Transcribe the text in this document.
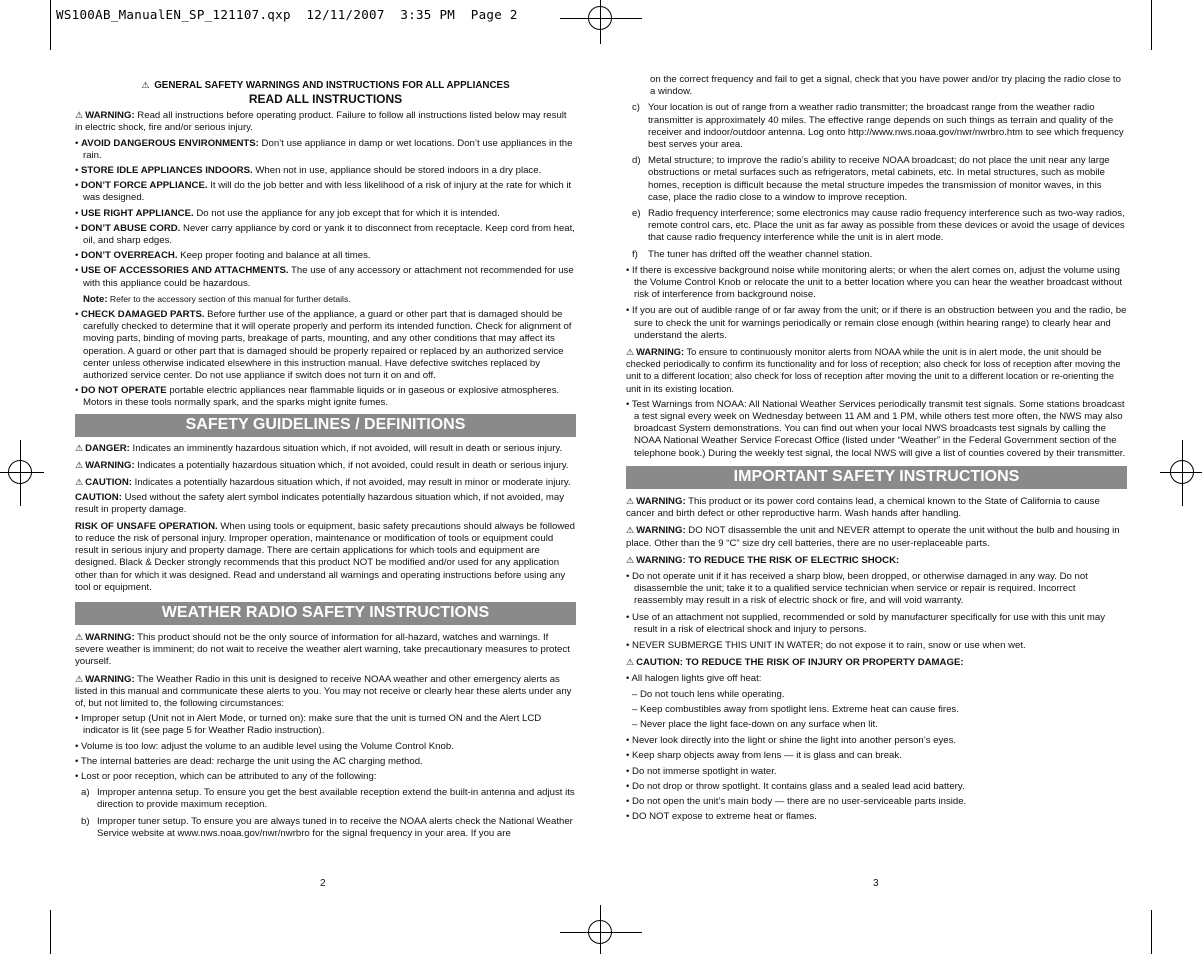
WS100AB_ManualEN_SP_121107.qxp  12/11/2007  3:35 PM  Page 2

⚠ GENERAL SAFETY WARNINGS AND INSTRUCTIONS FOR ALL APPLIANCES

READ ALL INSTRUCTIONS

⚠ WARNING: Read all instructions before operating product. Failure to follow all instructions listed below may result in electric shock, fire and/or serious injury.

• AVOID DANGEROUS ENVIRONMENTS: Don’t use appliance in damp or wet locations. Don’t use appliances in the rain.

• STORE IDLE APPLIANCES INDOORS. When not in use, appliance should be stored indoors in a dry place.

• DON’T FORCE APPLIANCE. It will do the job better and with less likelihood of a risk of injury at the rate for which it was designed.

• USE RIGHT APPLIANCE. Do not use the appliance for any job except that for which it is intended.

• DON’T ABUSE CORD. Never carry appliance by cord or yank it to disconnect from receptacle. Keep cord from heat, oil, and sharp edges.

• DON’T OVERREACH. Keep proper footing and balance at all times.

• USE OF ACCESSORIES AND ATTACHMENTS. The use of any accessory or attachment not recommended for use with this appliance could be hazardous.

Note: Refer to the accessory section of this manual for further details.

• CHECK DAMAGED PARTS. Before further use of the appliance, a guard or other part that is damaged should be carefully checked to determine that it will operate properly and perform its intended function. Check for alignment of moving parts, binding of moving parts, breakage of parts, mounting, and any other conditions that may affect its operation. A guard or other part that is damaged should be properly repaired or replaced by an authorized service center unless otherwise indicated elsewhere in this instruction manual. Have defective switches replaced by authorized service center. Do not use appliance if switch does not turn it on and off.

• DO NOT OPERATE portable electric appliances near flammable liquids or in gaseous or explosive atmospheres. Motors in these tools normally spark, and the sparks might ignite fumes.

SAFETY GUIDELINES / DEFINITIONS

⚠ DANGER: Indicates an imminently hazardous situation which, if not avoided, will result in death or serious injury.

⚠ WARNING: Indicates a potentially hazardous situation which, if not avoided, could result in death or serious injury.

⚠ CAUTION: Indicates a potentially hazardous situation which, if not avoided, may result in minor or moderate injury.

CAUTION: Used without the safety alert symbol indicates potentially hazardous situation which, if not avoided, may result in property damage.

RISK OF UNSAFE OPERATION. When using tools or equipment, basic safety precautions should always be followed to reduce the risk of personal injury. Improper operation, maintenance or modification of tools or equipment could result in serious injury and property damage. There are certain applications for which tools and equipment are designed. Black & Decker strongly recommends that this product NOT be modified and/or used for any application other than for which it was designed. Read and understand all warnings and operating instructions before using any tool or equipment.

WEATHER RADIO SAFETY INSTRUCTIONS

⚠ WARNING: This product should not be the only source of information for all-hazard, watches and warnings. If severe weather is imminent; do not wait to receive the weather alert warning, take precautionary measures to protect yourself.

⚠ WARNING: The Weather Radio in this unit is designed to receive NOAA weather and other emergency alerts as listed in this manual and communicate these alerts to you. You may not receive or clearly hear these alerts under any of, but not limited to, the following circumstances:

• Improper setup (Unit not in Alert Mode, or turned on): make sure that the unit is turned ON and the Alert LCD indicator is lit (see page 5 for Weather Radio instruction).

• Volume is too low: adjust the volume to an audible level using the Volume Control Knob.

• The internal batteries are dead: recharge the unit using the AC charging method.

• Lost or poor reception, which can be attributed to any of the following:

a) Improper antenna setup. To ensure you get the best available reception extend the built-in antenna and adjust its direction to provide maximum reception.
b) Improper tuner setup. To ensure you are always tuned in to receive the NOAA alerts check the National Weather Service website at www.nws.noaa.gov/nwr/nwrbro for the signal frequency in your area. If you are
2

on the correct frequency and fail to get a signal, check that you have power and/or try placing the radio close to a window.

c) Your location is out of range from a weather radio transmitter; the broadcast range from the weather radio transmitter is approximately 40 miles. The effective range depends on such things as terrain and quality of the receiver and indoor/outdoor antenna. Log onto http://www.nws.noaa.gov/nwr/nwrbro.htm to see which frequency best serves your area.
d) Metal structure; to improve the radio’s ability to receive NOAA broadcast; do not place the unit near any large obstructions or metal surfaces such as refrigerators, metal cabinets, etc. In metal structures, such as mobile homes, reception is difficult because the metal structure impedes the transmission of monitor waves, in this case, place the radio close to a window to improve reception.
e) Radio frequency interference; some electronics may cause radio frequency interference such as two-way radios, remote control cars, etc. Place the unit as far away as possible from these devices or avoid the usage of devices that cause radio frequency interference while the unit is in alert mode.
f)	The tuner has drifted off the weather channel station.

• If there is excessive background noise while monitoring alerts; or when the alert comes on, adjust the volume using the Volume Control Knob or relocate the unit to a better location where you can hear the weather broadcast without risk of interference from background noise.

• If you are out of audible range of or far away from the unit; or if there is an obstruction between you and the radio, be sure to check the unit for warnings periodically or remain close enough (within hearing range) to clearly hear and understand the alerts.

⚠ WARNING: To ensure to continuously monitor alerts from NOAA while the unit is in alert mode, the unit should be checked periodically to confirm its functionality and for loss of reception; also check for loss of reception after moving the unit to a different location; also check for loss of reception after moving the unit to a different location or re-orienting the unit in its existing location.

• Test Warnings from NOAA: All National Weather Services periodically transmit test signals. Some stations broadcast a test signal every week on Wednesday between 11 AM and 1 PM, while others test more often, the NWS may also broadcast System demonstrations. You can find out when your local NWS broadcasts test signals by calling the NOAA National Weather Service Forecast Office (listed under “Weather” in the Federal Government section of the telephone book.) During the weekly test signal, the local NWS will give a list of counties covered by their transmitter.

IMPORTANT SAFETY INSTRUCTIONS

⚠ WARNING: This product or its power cord contains lead, a chemical known to the State of California to cause cancer and birth defect or other reproductive harm. Wash hands after handling.

⚠ WARNING: DO NOT disassemble the unit and NEVER attempt to operate the unit without the bulb and housing in place. Other than the 9 “C” size dry cell batteries, there are no user-replaceable parts.

⚠ WARNING: TO REDUCE THE RISK OF ELECTRIC SHOCK:

• Do not operate unit if it has received a sharp blow, been dropped, or otherwise damaged in any way. Do not disassemble the unit; take it to a qualified service technician when service or repair is required. Incorrect reassembly may result in a risk of electric shock or fire, and will void warranty.

• Use of an attachment not supplied, recommended or sold by manufacturer specifically for use with this unit may result in a risk of electrical shock and injury to persons.

• NEVER SUBMERGE THIS UNIT IN WATER; do not expose it to rain, snow or use when wet.

⚠ CAUTION: TO REDUCE THE RISK OF INJURY OR PROPERTY DAMAGE:

• All halogen lights give off heat:

– Do not touch lens while operating.

– Keep combustibles away from spotlight lens. Extreme heat can cause fires.

– Never place the light face-down on any surface when lit.

• Never look directly into the light or shine the light into another person’s eyes.

• Keep sharp objects away from lens — it is glass and can break.

• Do not immerse spotlight in water.

• Do not drop or throw spotlight. It contains glass and a sealed lead acid battery.

• Do not open the unit’s main body — there are no user-serviceable parts inside.

• DO NOT expose to extreme heat or flames.

3
